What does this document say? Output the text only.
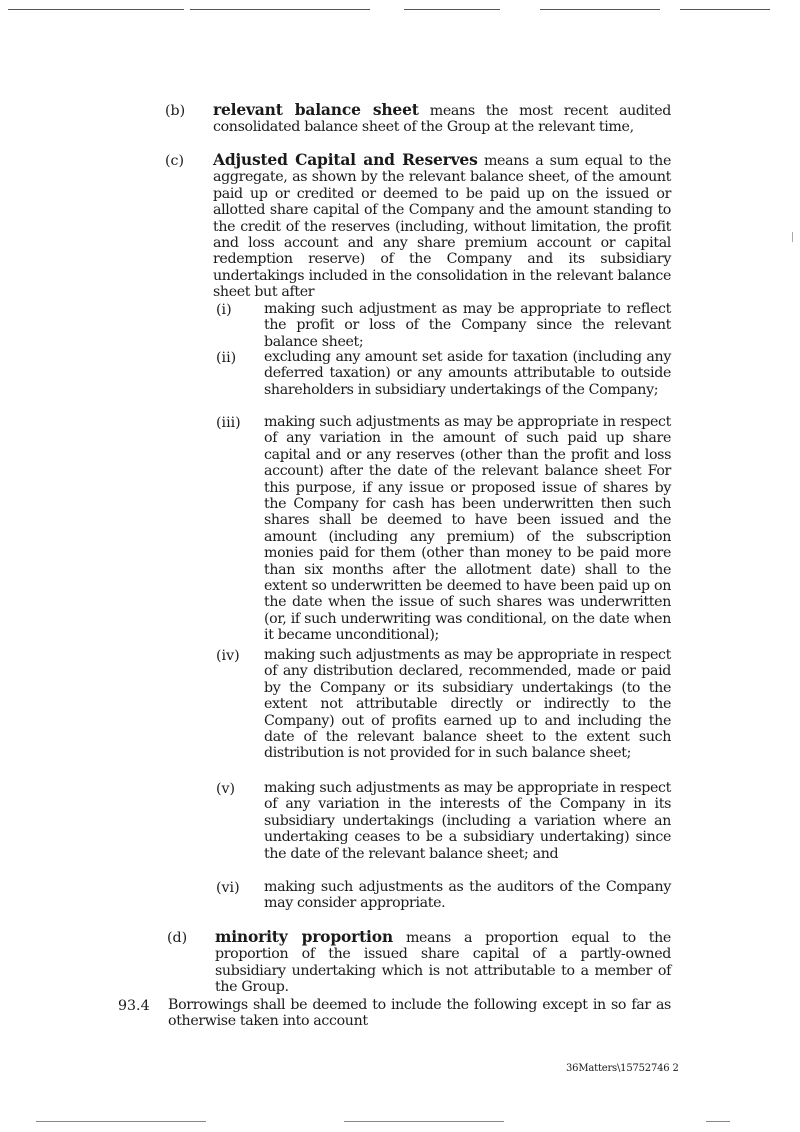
(b) relevant balance sheet means the most recent audited consolidated balance sheet of the Group at the relevant time,
(c) Adjusted Capital and Reserves means a sum equal to the aggregate, as shown by the relevant balance sheet, of the amount paid up or credited or deemed to be paid up on the issued or allotted share capital of the Company and the amount standing to the credit of the reserves (including, without limitation, the profit and loss account and any share premium account or capital redemption reserve) of the Company and its subsidiary undertakings included in the consolidation in the relevant balance sheet but after
(i) making such adjustment as may be appropriate to reflect the profit or loss of the Company since the relevant balance sheet;
(ii) excluding any amount set aside for taxation (including any deferred taxation) or any amounts attributable to outside shareholders in subsidiary undertakings of the Company;
(iii) making such adjustments as may be appropriate in respect of any variation in the amount of such paid up share capital and or any reserves (other than the profit and loss account) after the date of the relevant balance sheet For this purpose, if any issue or proposed issue of shares by the Company for cash has been underwritten then such shares shall be deemed to have been issued and the amount (including any premium) of the subscription monies paid for them (other than money to be paid more than six months after the allotment date) shall to the extent so underwritten be deemed to have been paid up on the date when the issue of such shares was underwritten (or, if such underwriting was conditional, on the date when it became unconditional);
(iv) making such adjustments as may be appropriate in respect of any distribution declared, recommended, made or paid by the Company or its subsidiary undertakings (to the extent not attributable directly or indirectly to the Company) out of profits earned up to and including the date of the relevant balance sheet to the extent such distribution is not provided for in such balance sheet;
(v) making such adjustments as may be appropriate in respect of any variation in the interests of the Company in its subsidiary undertakings (including a variation where an undertaking ceases to be a subsidiary undertaking) since the date of the relevant balance sheet; and
(vi) making such adjustments as the auditors of the Company may consider appropriate.
(d) minority proportion means a proportion equal to the proportion of the issued share capital of a partly-owned subsidiary undertaking which is not attributable to a member of the Group.
93.4 Borrowings shall be deemed to include the following except in so far as otherwise taken into account
36Matters\15752746 2
